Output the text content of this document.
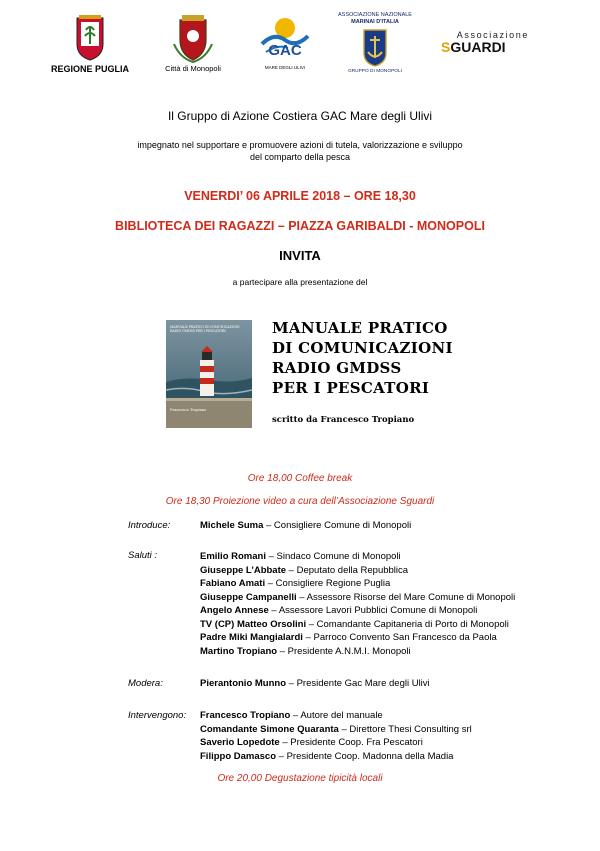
REGIONE PUGLIA	Città di Monopoli
GAC
MARE DEGLI ULIVI
ASSOCIAZIONE NAZIONALE
MARINAI D'ITALIA
GRUPPO DI MONOPOLI
Associazione
SGUARDI
Il Gruppo di Azione Costiera GAC Mare degli Ulivi
impegnato nel supportare e promuovere azioni di tutela, valorizzazione e sviluppo
del comparto della pesca
VENERDI’ 06 APRILE 2018 – ORE 18,30
BIBLIOTECA DEI RAGAZZI – PIAZZA GARIBALDI - MONOPOLI
INVITA
a partecipare alla presentazione del
MANUALE PRATICO DI COMUNICAZIONI RADIO GMDSS PER I PESCATORI
Francesco Tropiano
MANUALE PRATICO
DI COMUNICAZIONI
RADIO GMDSS
PER I PESCATORI
scritto da Francesco Tropiano
Ore 18,00 Coffee break
Ore 18,30 Proiezione video a cura dell’Associazione Sguardi
Introduce:	Michele Suma – Consigliere Comune di Monopoli
Saluti :	Emilio Romani – Sindaco Comune di Monopoli
Giuseppe L’Abbate – Deputato della Repubblica
Fabiano Amati – Consigliere Regione Puglia
Giuseppe Campanelli – Assessore Risorse del Mare Comune di Monopoli
Angelo Annese – Assessore Lavori Pubblici Comune di Monopoli
TV (CP) Matteo Orsolini – Comandante Capitaneria di Porto di Monopoli
Padre Miki Mangialardi – Parroco Convento San Francesco da Paola
Martino Tropiano – Presidente A.N.M.I. Monopoli
Modera:	Pierantonio Munno – Presidente Gac Mare degli Ulivi
Intervengono: Francesco Tropiano – Autore del manuale
Comandante Simone Quaranta – Direttore Thesi Consulting srl
Saverio Lopedote – Presidente Coop. Fra Pescatori
Filippo Damasco – Presidente Coop. Madonna della Madia
Ore 20,00 Degustazione tipicità locali
